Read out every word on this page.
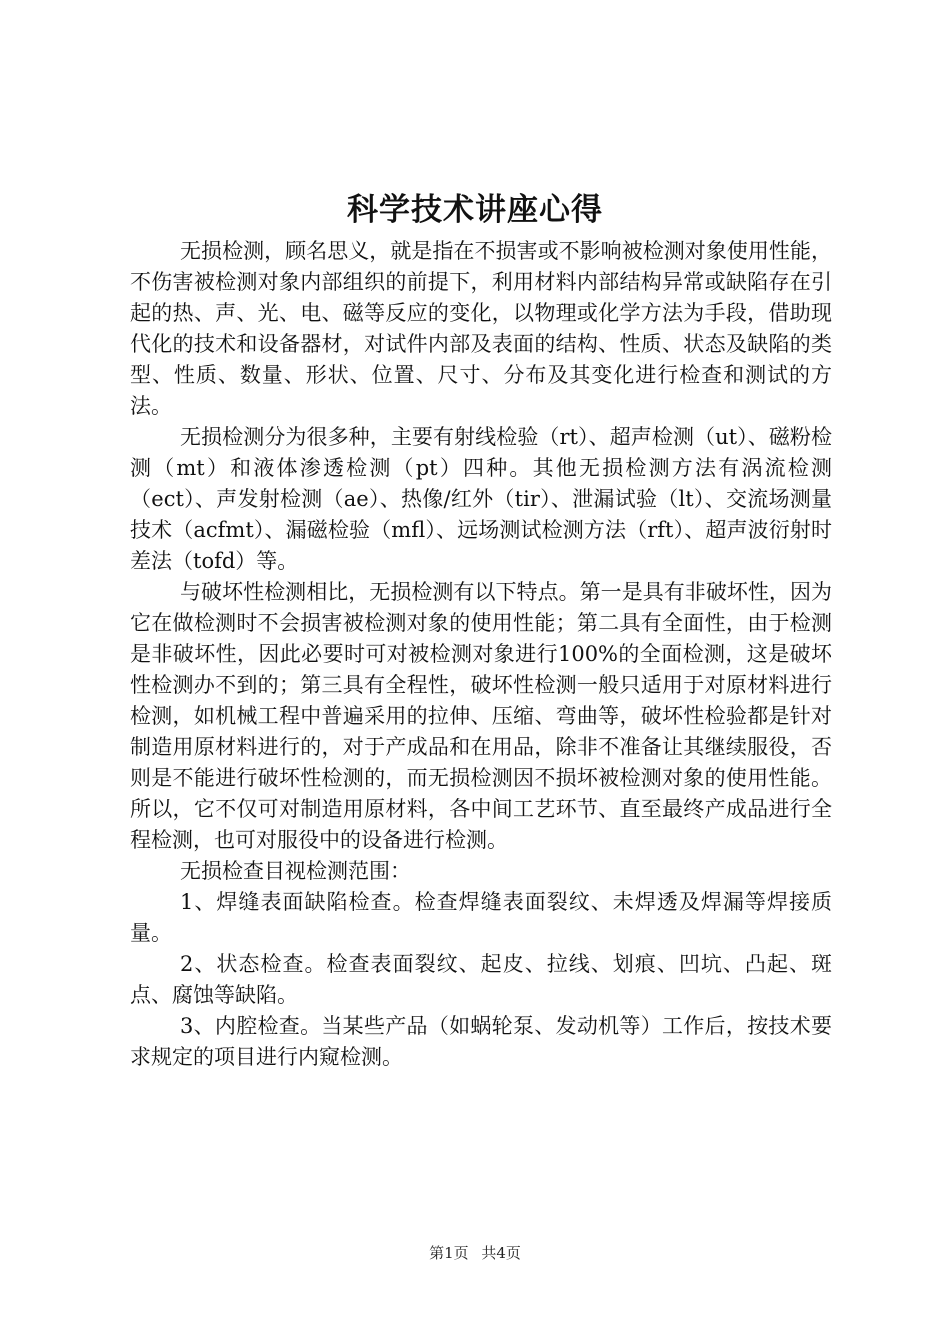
科学技术讲座心得

无损检测，顾名思义，就是指在不损害或不影响被检测对象使用性能，不伤害被检测对象内部组织的前提下，利用材料内部结构异常或缺陷存在引起的热、声、光、电、磁等反应的变化，以物理或化学方法为手段，借助现代化的技术和设备器材，对试件内部及表面的结构、性质、状态及缺陷的类型、性质、数量、形状、位置、尺寸、分布及其变化进行检查和测试的方法。

无损检测分为很多种，主要有射线检验（rt）、超声检测（ut）、磁粉检测（mt）和液体渗透检测（pt）四种。其他无损检测方法有涡流检测（ect）、声发射检测（ae）、热像/红外（tir）、泄漏试验（lt）、交流场测量技术（acfmt）、漏磁检验（mfl）、远场测试检测方法（rft）、超声波衍射时差法（tofd）等。

与破坏性检测相比，无损检测有以下特点。第一是具有非破坏性，因为它在做检测时不会损害被检测对象的使用性能；第二具有全面性，由于检测是非破坏性，因此必要时可对被检测对象进行100%的全面检测，这是破坏性检测办不到的；第三具有全程性，破坏性检测一般只适用于对原材料进行检测，如机械工程中普遍采用的拉伸、压缩、弯曲等，破坏性检验都是针对制造用原材料进行的，对于产成品和在用品，除非不准备让其继续服役，否则是不能进行破坏性检测的，而无损检测因不损坏被检测对象的使用性能。所以，它不仅可对制造用原材料，各中间工艺环节、直至最终产成品进行全程检测，也可对服役中的设备进行检测。

无损检查目视检测范围：

1、焊缝表面缺陷检查。检查焊缝表面裂纹、未焊透及焊漏等焊接质量。

2、状态检查。检查表面裂纹、起皮、拉线、划痕、凹坑、凸起、斑点、腐蚀等缺陷。

3、内腔检查。当某些产品（如蜗轮泵、发动机等）工作后，按技术要求规定的项目进行内窥检测。

第1页 共4页
